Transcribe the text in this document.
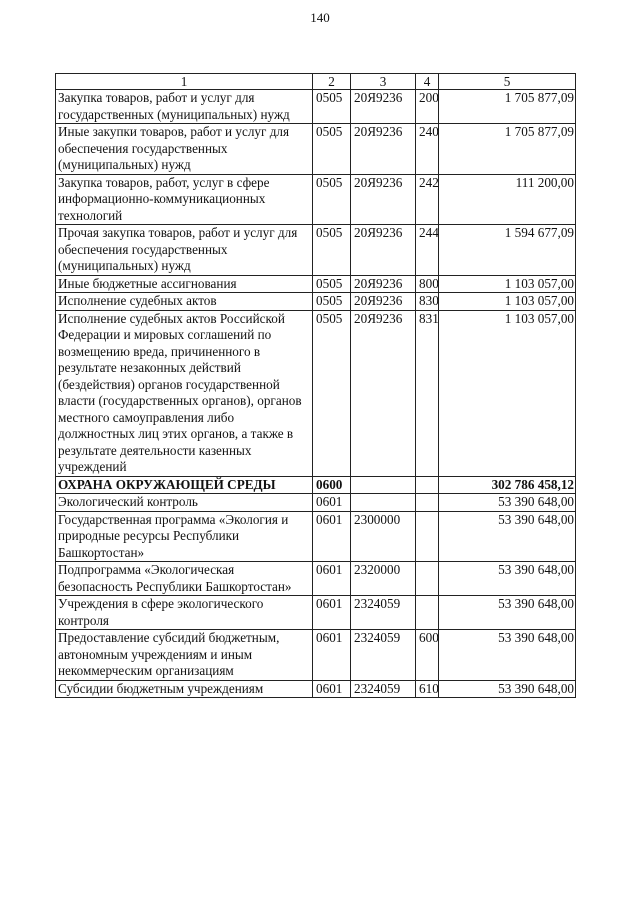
140
1	2	3	4	5
Закупка товаров, работ и услуг для государственных (муниципальных) нужд	0505	20Я9236	200	1 705 877,09
Иные закупки товаров, работ и услуг для обеспечения государственных (муниципальных) нужд	0505	20Я9236	240	1 705 877,09
Закупка товаров, работ, услуг в сфере информационно-коммуникационных технологий	0505	20Я9236	242	111 200,00
Прочая закупка товаров, работ и услуг для обеспечения государственных (муниципальных) нужд	0505	20Я9236	244	1 594 677,09
Иные бюджетные ассигнования	0505	20Я9236	800	1 103 057,00
Исполнение судебных актов	0505	20Я9236	830	1 103 057,00
Исполнение судебных актов Российской Федерации и мировых соглашений по возмещению вреда, причиненного в результате незаконных действий (бездействия) органов государственной власти (государственных органов), органов местного самоуправления либо должностных лиц этих органов, а также в результате деятельности казенных учреждений	0505	20Я9236	831	1 103 057,00
ОХРАНА ОКРУЖАЮЩЕЙ СРЕДЫ	0600			302 786 458,12
Экологический контроль	0601			53 390 648,00
Государственная программа «Экология и природные ресурсы Республики Башкортостан»	0601	2300000		53 390 648,00
Подпрограмма «Экологическая безопасность Республики Башкортостан»	0601	2320000		53 390 648,00
Учреждения в сфере экологического контроля	0601	2324059		53 390 648,00
Предоставление субсидий бюджетным, автономным учреждениям и иным некоммерческим организациям	0601	2324059	600	53 390 648,00
Субсидии бюджетным учреждениям	0601	2324059	610	53 390 648,00
